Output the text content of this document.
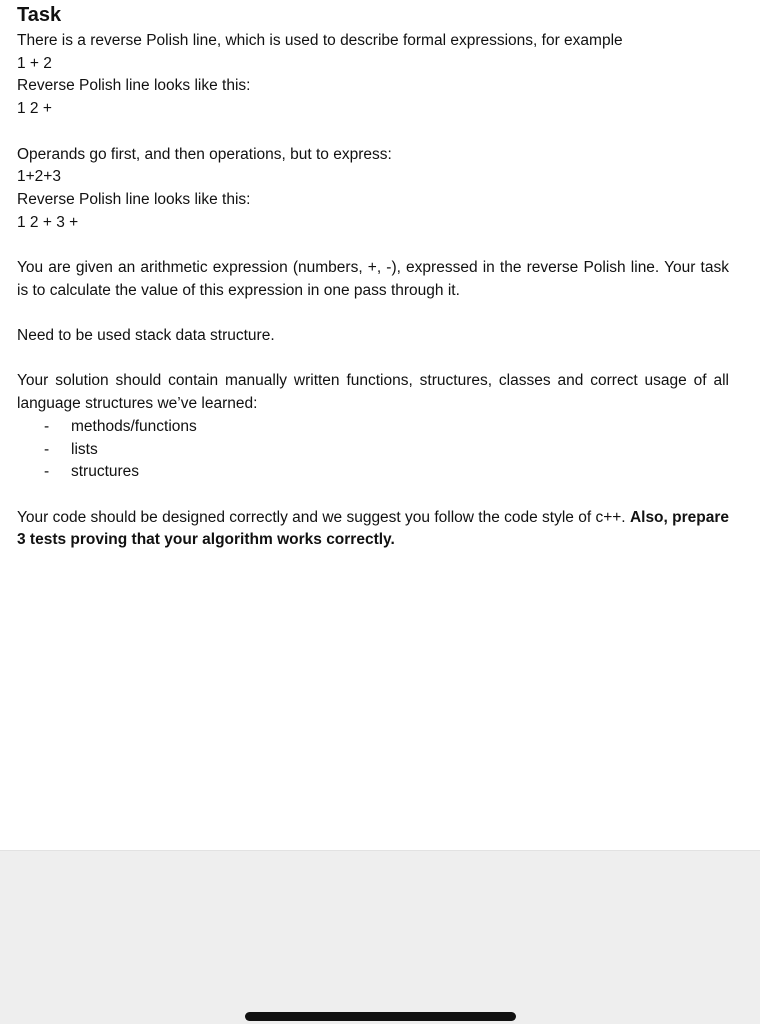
Task
There is a reverse Polish line, which is used to describe formal expressions, for example
1 + 2
Reverse Polish line looks like this:
1 2 +
Operands go first, and then operations, but to express:
1+2+3
Reverse Polish line looks like this:
1 2 + 3 +
You are given an arithmetic expression (numbers, +, -), expressed in the reverse Polish line. Your task is to calculate the value of this expression in one pass through it.
Need to be used stack data structure.
Your solution should contain manually written functions, structures, classes and correct usage of all language structures we’ve learned:
- methods/functions
- lists
- structures
Your code should be designed correctly and we suggest you follow the code style of c++. Also, prepare 3 tests proving that your algorithm works correctly.
